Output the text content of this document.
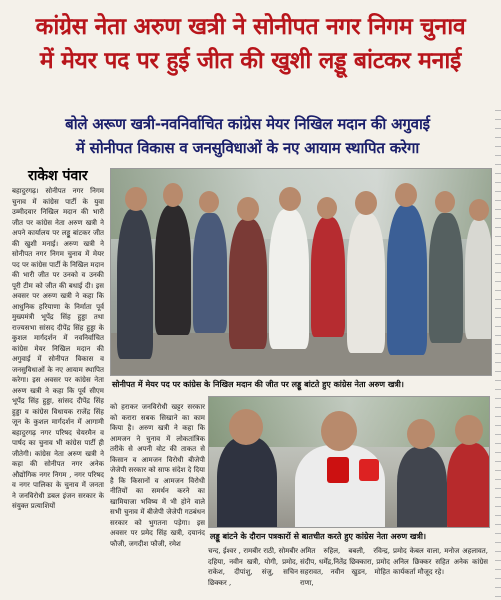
कांग्रेस नेता अरुण खत्री ने सोनीपत नगर निगम चुनाव
में मेयर पद पर हुई जीत की खुशी लड्डू बांटकर मनाई
बोले अरूण खत्री-नवनिर्वाचित कांग्रेस मेयर निखिल मदान की अगुवाई
में सोनीपत विकास व जनसुविधाओं के नए आयाम स्थापित करेगा
राकेश पंवार

बहादुरगढ़। सोनीपत नगर निगम चुनाव में कांग्रेस पार्टी के युवा उम्मीदवार निखिल मदान की भारी जीत पर कांग्रेस नेता अरुण खत्री ने अपने कार्यालय पर लड्डू बांटकर जीत की खुशी मनाई। अरुण खत्री ने सोनीपत नगर निगम चुनाव में मेयर पद पर कांग्रेस पार्टी के निखिल मदान की भारी जीत पर उनको व उनकी पूरी टीम को जीत की बधाई दी। इस अवसर पर अरुण खत्री ने कहा कि आधुनिक हरियाणा के निर्माता पूर्व मुख्यमंत्री भूपेंद्र सिंह हुड्डा तथा राज्यसभा सांसद दीपेंद्र सिंह हुड्डा के कुशल मार्गदर्शन में नवनिर्वाचित कांग्रेस मेयर निखिल मदान की अगुवाई में सोनीपत विकास व जनसुविधाओं के नए आयाम स्थापित करेगा। इस अवसर पर कांग्रेस नेता अरुण खत्री ने कहा कि पूर्व सीएम भूपेंद्र सिंह हुड्डा, सांसद दीपेंद्र सिंह हुड्डा व कांग्रेस विधायक राजेंद्र सिंह जून के कुशल मार्गदर्शन में आगामी बहादुरगढ़ नगर परिषद चेयरमैन व पार्षद का चुनाव भी कांग्रेस पार्टी ही जीतेगी। कांग्रेस नेता अरुण खत्री ने कहा की सोनीपत नगर अनेक औद्योगिक नगर निगम , नगर परिषद व नगर पालिका के चुनाव में जनता ने जनविरोधी डबल इंजन सरकार के संयुक्त प्रत्याशियों

को हराकर जनविरोधी खट्टर सरकार को करारा सबक सिखाने का काम किया है। अरुण खत्री ने कहा कि आमजन ने चुनाव में लोकतांत्रिक तरीके से अपनी वोट की ताकत से किसान व आमजन विरोधी बीजेपी जेजेपी सरकार को साफ संदेश दे दिया है कि किसानों व आमजन विरोधी नीतियों का समर्थन करने का खामियाजा भविष्य में भी होने वाले सभी चुनाव में बीजेपी जेजेपी गठबंधन सरकार को भुगतना पड़ेगा। इस अवसर पर प्रमेद सिंह खत्री, दयानंद फौजी, जगदीश फौजी, रमेश

चन्द, ईश्वर , रामबीर राठी, सोमबीर दहिया, नवीन खत्री, योगी, प्रमोद, राकेश, दीपांशु, संजु, सचिन छिक्कर ,

अमित रुहिल, बबली, रविन्द्र, संदीप, धर्मेंद्र,नितेंद्र छिक्कारा, प्रमोद सहरावत, नवीन खुडन, मोहित राणा,

प्रमोद केबल वाला, मनोज अहलावत, अनिल छिक्कर सहित अनेक कांग्रेस कार्यकर्ता मौजूद रहे।

सोनीपत में मेयर पद पर कांग्रेस के निखिल मदान की जीत पर लड्डू बांटते हुए कांग्रेस नेता अरुण खत्री।
लड्डू बांटने के दौरान पत्रकारों से बातचीत करते हुए कांग्रेस नेता अरुण खत्री।
